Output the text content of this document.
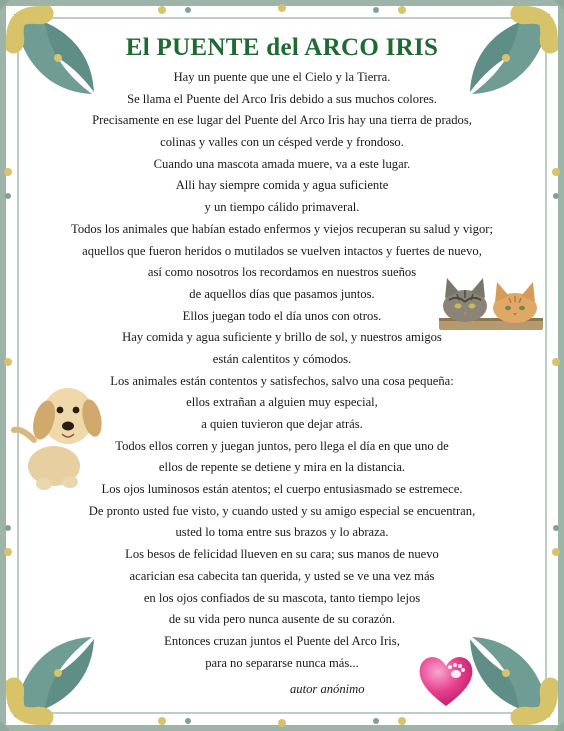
El PUENTE del ARCO IRIS
Hay un puente que une el Cielo y la Tierra.
Se llama el Puente del Arco Iris debido a sus muchos colores.
Precisamente en ese lugar del Puente del Arco Iris hay una tierra de prados,
colinas y valles con un césped verde y frondoso.
Cuando una mascota amada muere, va a este lugar.
Alli hay siempre comida y agua suficiente
y un tiempo cálido primaveral.
Todos los animales que habían estado enfermos y viejos recuperan su salud y vigor;
aquellos que fueron heridos o mutilados se vuelven intactos y fuertes de nuevo,
así como nosotros los recordamos en nuestros sueños
de aquellos días que pasamos juntos.
Ellos juegan todo el día unos con otros.
Hay comida y agua suficiente y brillo de sol, y nuestros amigos
están calentitos y cómodos.
Los animales están contentos y satisfechos, salvo una cosa pequeña:
ellos extrañan a alguien muy especial,
a quien tuvieron que dejar atrás.
Todos ellos corren y juegan juntos, pero llega el día en que uno de
ellos de repente se detiene y mira en la distancia.
Los ojos luminosos están atentos; el cuerpo entusiasmado se estremece.
De pronto usted fue visto, y cuando usted y su amigo especial se encuentran,
usted lo toma entre sus brazos y lo abraza.
Los besos de felicidad llueven en su cara; sus manos de nuevo
acarician esa cabecita tan querida, y usted se ve una vez más
en los ojos confiados de su mascota, tanto tiempo lejos
de su vida pero nunca ausente de su corazón.
Entonces cruzan juntos el Puente del Arco Iris,
para no separarse nunca más...
autor anónimo
